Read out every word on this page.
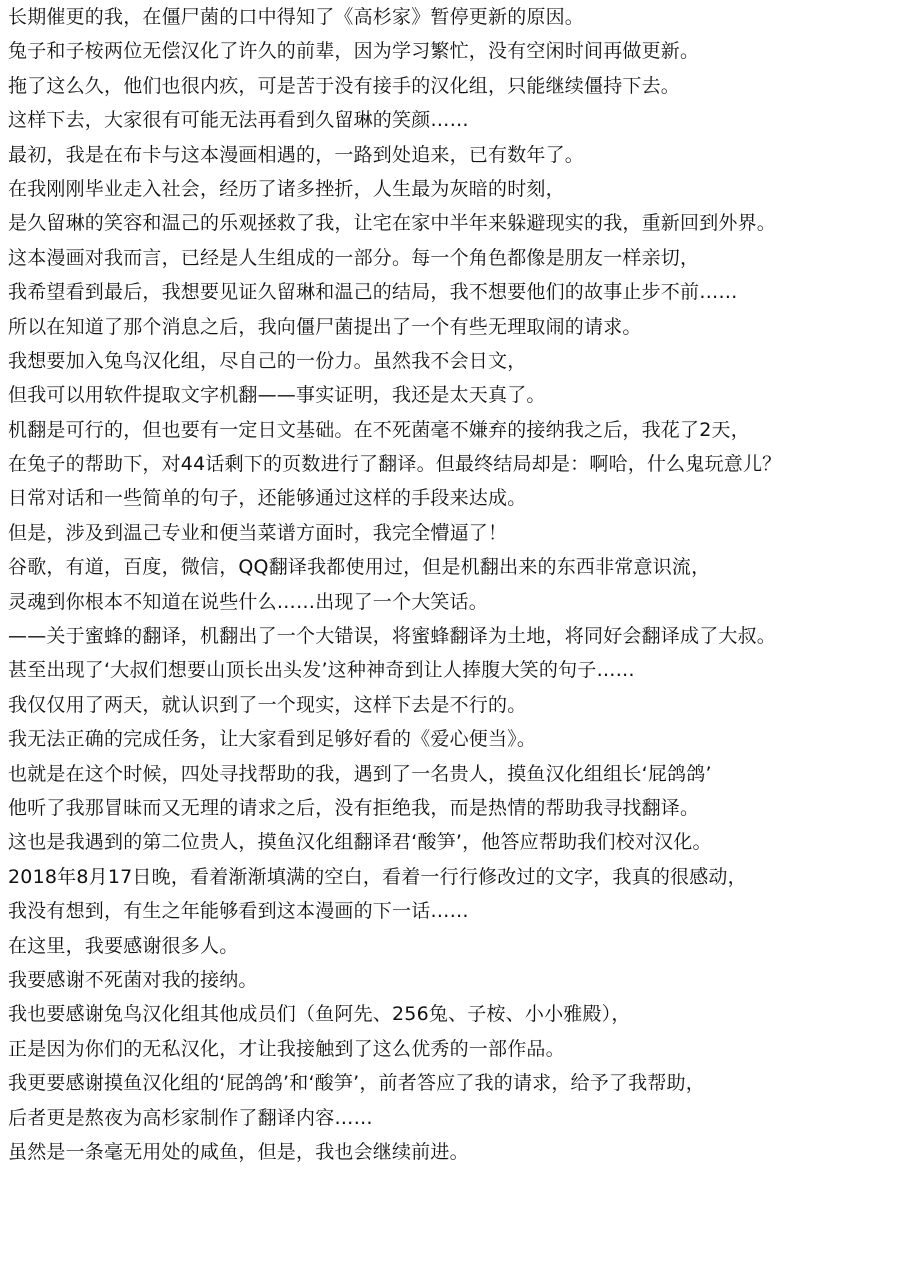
长期催更的我，在僵尸菌的口中得知了《高杉家》暂停更新的原因。
兔子和子桉两位无偿汉化了许久的前辈，因为学习繁忙，没有空闲时间再做更新。
拖了这么久，他们也很内疚，可是苦于没有接手的汉化组，只能继续僵持下去。
这样下去，大家很有可能无法再看到久留琳的笑颜……
最初，我是在布卡与这本漫画相遇的，一路到处追来，已有数年了。
在我刚刚毕业走入社会，经历了诸多挫折，人生最为灰暗的时刻，
是久留琳的笑容和温己的乐观拯救了我，让宅在家中半年来躲避现实的我，重新回到外界。
这本漫画对我而言，已经是人生组成的一部分。每一个角色都像是朋友一样亲切，
我希望看到最后，我想要见证久留琳和温己的结局，我不想要他们的故事止步不前……
所以在知道了那个消息之后，我向僵尸菌提出了一个有些无理取闹的请求。
我想要加入兔鸟汉化组，尽自己的一份力。虽然我不会日文，
但我可以用软件提取文字机翻——事实证明，我还是太天真了。
机翻是可行的，但也要有一定日文基础。在不死菌毫不嫌弃的接纳我之后，我花了2天，
在兔子的帮助下，对44话剩下的页数进行了翻译。但最终结局却是：啊哈，什么鬼玩意儿？
日常对话和一些简单的句子，还能够通过这样的手段来达成。
但是，涉及到温己专业和便当菜谱方面时，我完全懵逼了！
谷歌，有道，百度，微信，QQ翻译我都使用过，但是机翻出来的东西非常意识流，
灵魂到你根本不知道在说些什么……出现了一个大笑话。
——关于蜜蜂的翻译，机翻出了一个大错误，将蜜蜂翻译为土地，将同好会翻译成了大叔。
甚至出现了‘大叔们想要山顶长出头发’这种神奇到让人捧腹大笑的句子……
我仅仅用了两天，就认识到了一个现实，这样下去是不行的。
我无法正确的完成任务，让大家看到足够好看的《爱心便当》。
也就是在这个时候，四处寻找帮助的我，遇到了一名贵人，摸鱼汉化组组长‘屁鸽鸽’
他听了我那冒昧而又无理的请求之后，没有拒绝我，而是热情的帮助我寻找翻译。
这也是我遇到的第二位贵人，摸鱼汉化组翻译君‘酸笋’，他答应帮助我们校对汉化。
2018年8月17日晚，看着渐渐填满的空白，看着一行行修改过的文字，我真的很感动，
我没有想到，有生之年能够看到这本漫画的下一话……
在这里，我要感谢很多人。
我要感谢不死菌对我的接纳。
我也要感谢兔鸟汉化组其他成员们（鱼阿先、256兔、子桉、小小雅殿），
正是因为你们的无私汉化，才让我接触到了这么优秀的一部作品。
我更要感谢摸鱼汉化组的‘屁鸽鸽’和‘酸笋’，前者答应了我的请求，给予了我帮助，
后者更是熬夜为高杉家制作了翻译内容……
虽然是一条毫无用处的咸鱼，但是，我也会继续前进。
